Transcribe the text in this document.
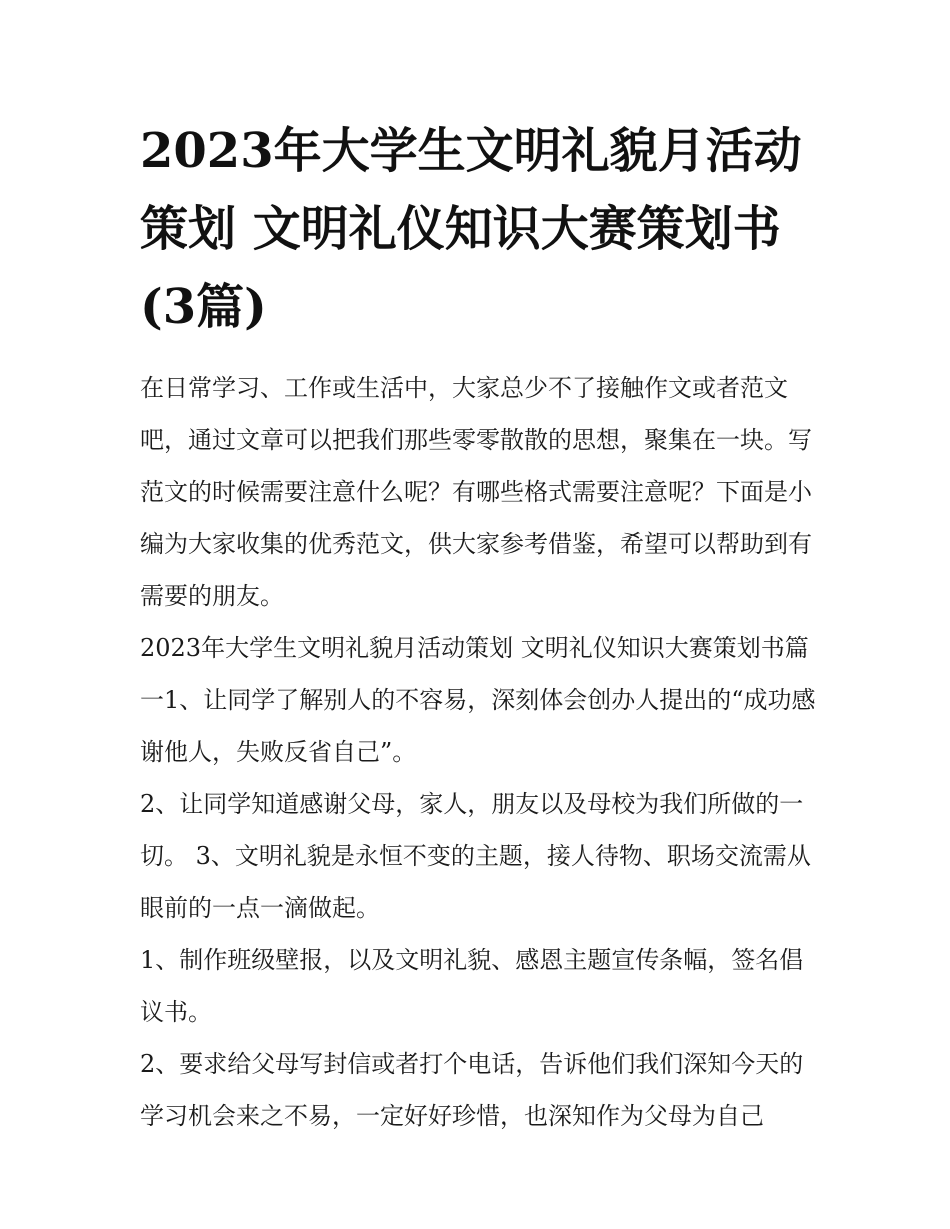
2023年大学生文明礼貌月活动策划 文明礼仪知识大赛策划书(3篇)

在日常学习、工作或生活中，大家总少不了接触作文或者范文吧，通过文章可以把我们那些零零散散的思想，聚集在一块。写范文的时候需要注意什么呢？有哪些格式需要注意呢？下面是小编为大家收集的优秀范文，供大家参考借鉴，希望可以帮助到有需要的朋友。

2023年大学生文明礼貌月活动策划 文明礼仪知识大赛策划书篇一1、让同学了解别人的不容易，深刻体会创办人提出的“成功感谢他人，失败反省自己”。

2、让同学知道感谢父母，家人，朋友以及母校为我们所做的一切。 3、文明礼貌是永恒不变的主题，接人待物、职场交流需从眼前的一点一滴做起。

1、制作班级壁报，以及文明礼貌、感恩主题宣传条幅，签名倡议书。

2、要求给父母写封信或者打个电话，告诉他们我们深知今天的学习机会来之不易，一定好好珍惜，也深知作为父母为自己
